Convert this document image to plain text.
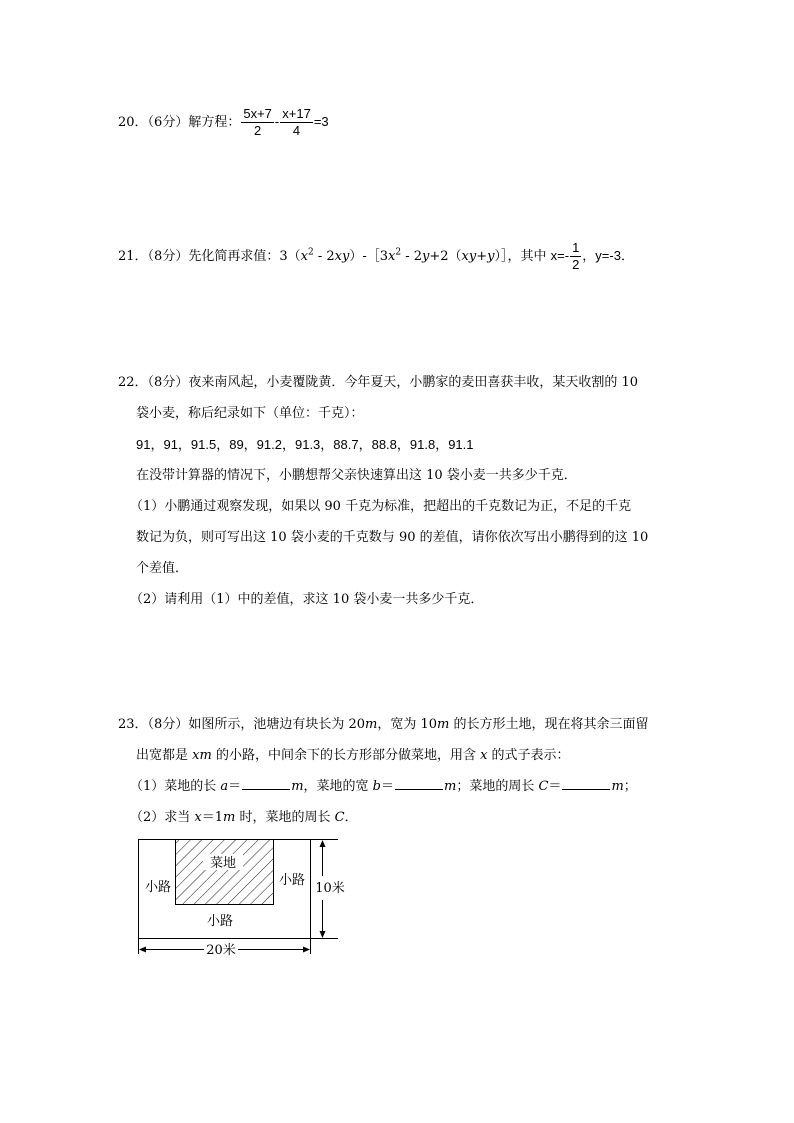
20．（6分）解方程： $\frac{5x+7}{2} - \frac{x+17}{4} =3$
21．（8分）先化简再求值：$3(x^2$ - $2xy)-[3x^2$ - 2y+2（xy+y）］，其中 $x=- \frac{1}{2}$ ，y=-3．
22．（8分）夜来南风起，小麦覆陇黄．今年夏天，小鹏家的麦田喜获丰收，某天收割的 10
袋小麦，称后纪录如下（单位：千克）：
91，91，91.5，89，91.2，91.3，88.7，88.8，91.8，91.1
在没带计算器的情况下，小鹏想帮父亲快速算出这 10 袋小麦一共多少千克．
（1）小鹏通过观察发现，如果以 90 千克为标准，把超出的千克数记为正，不足的千克
数记为负，则可写出这 10 袋小麦的千克数与 90 的差值，请你依次写出小鹏得到的这 10
个差值．
（2）请利用（1）中的差值，求这 10 袋小麦一共多少千克．
23．（8分）如图所示，池塘边有块长为 20m，宽为 10m 的长方形土地，现在将其余三面留
出宽都是 xm 的小路，中间余下的长方形部分做菜地，用含 x 的式子表示：
（1）菜地的长 a＝	m，菜地的宽 b＝	m；菜地的周长 C＝	m；
（2）求当 x＝1m 时，菜地的周长 C．
菜地
小路	小路
小路
10米
20米
